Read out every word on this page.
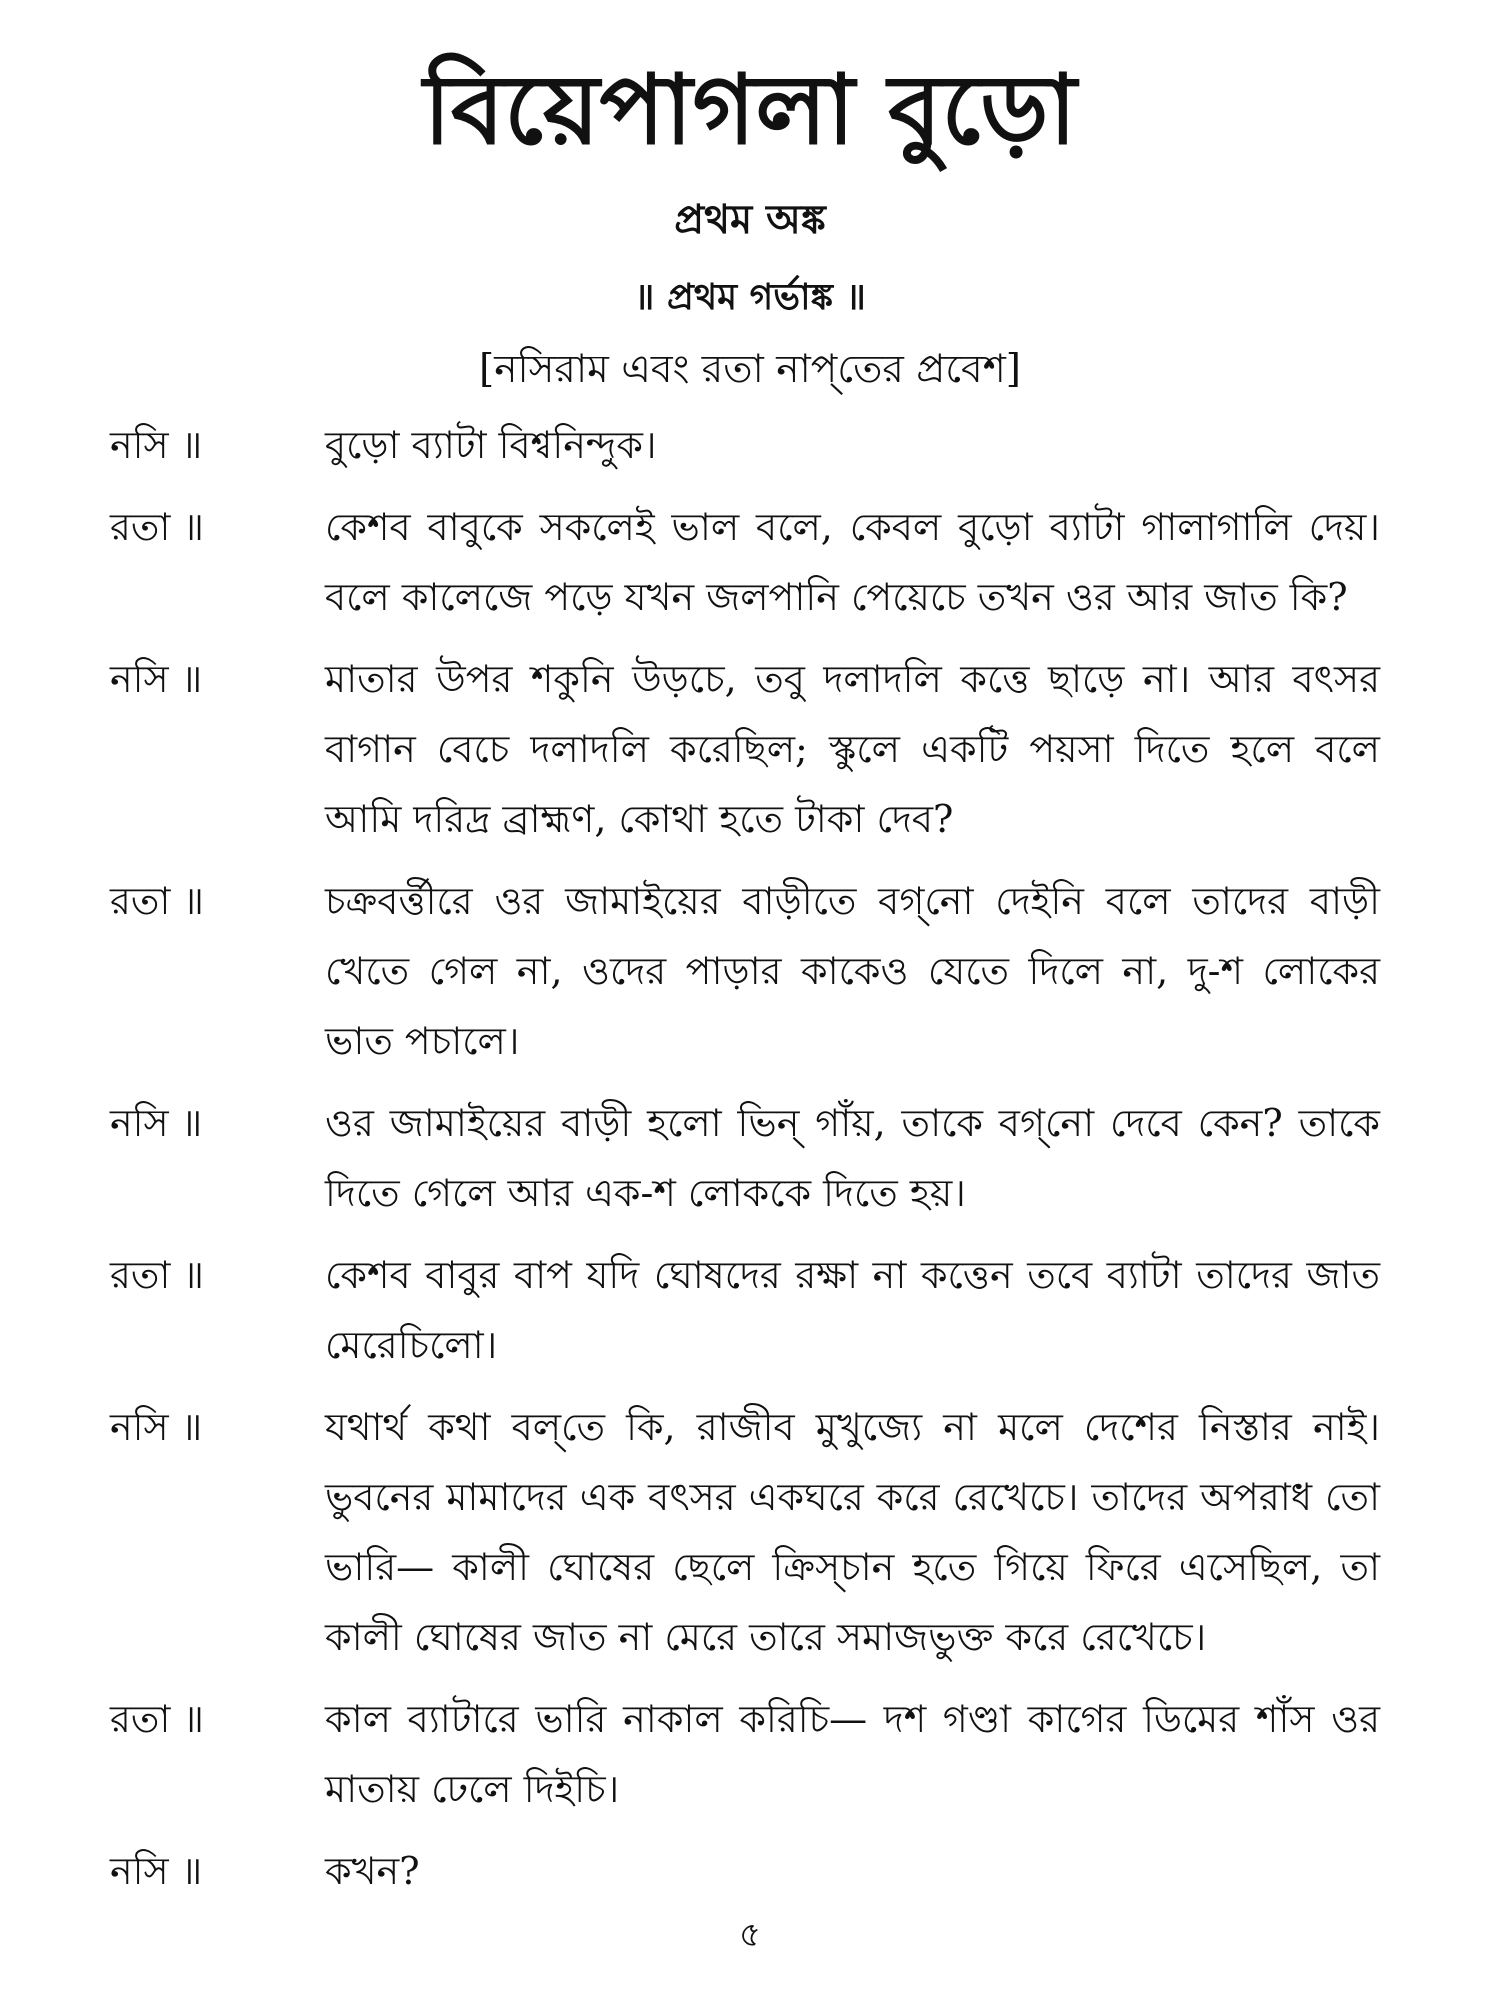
বিয়েপাগলা বুড়ো
প্রথম অঙ্ক
॥ প্রথম গর্ভাঙ্ক ॥
[নসিরাম এবং রতা নাপ্‌তের প্রবেশ]
নসি ॥	বুড়ো ব্যাটা বিশ্বনিন্দুক।
রতা ॥	কেশব বাবুকে সকলেই ভাল বলে, কেবল বুড়ো ব্যাটা গালাগালি দেয়। বলে কালেজে পড়ে যখন জলপানি পেয়েচে তখন ওর আর জাত কি?
নসি ॥	মাতার উপর শকুনি উড়চে, তবু দলাদলি কত্তে ছাড়ে না। আর বৎসর বাগান বেচে দলাদলি করেছিল; স্কুলে একটি পয়সা দিতে হলে বলে আমি দরিদ্র ব্রাহ্মণ, কোথা হতে টাকা দেব?
রতা ॥	চক্রবর্ত্তীরে ওর জামাইয়ের বাড়ীতে বগ্‌নো দেইনি বলে তাদের বাড়ী খেতে গেল না, ওদের পাড়ার কাকেও যেতে দিলে না, দু-শ লোকের ভাত পচালে।
নসি ॥	ওর জামাইয়ের বাড়ী হলো ভিন্ গাঁয়, তাকে বগ্‌নো দেবে কেন? তাকে দিতে গেলে আর এক-শ লোককে দিতে হয়।
রতা ॥	কেশব বাবুর বাপ যদি ঘোষদের রক্ষা না কত্তেন তবে ব্যাটা তাদের জাত মেরেচিলো।
নসি ॥	যথার্থ কথা বল্‌তে কি, রাজীব মুখুজ্যে না মলে দেশের নিস্তার নাই। ভুবনের মামাদের এক বৎসর একঘরে করে রেখেচে। তাদের অপরাধ তো ভারি— কালী ঘোষের ছেলে ক্রিস্‌চান হতে গিয়ে ফিরে এসেছিল, তা কালী ঘোষের জাত না মেরে তারে সমাজভুক্ত করে রেখেচে।
রতা ॥	কাল ব্যাটারে ভারি নাকাল করিচি— দশ গণ্ডা কাগের ডিমের শাঁস ওর মাতায় ঢেলে দিইচি।
নসি ॥	কখন?
৫
